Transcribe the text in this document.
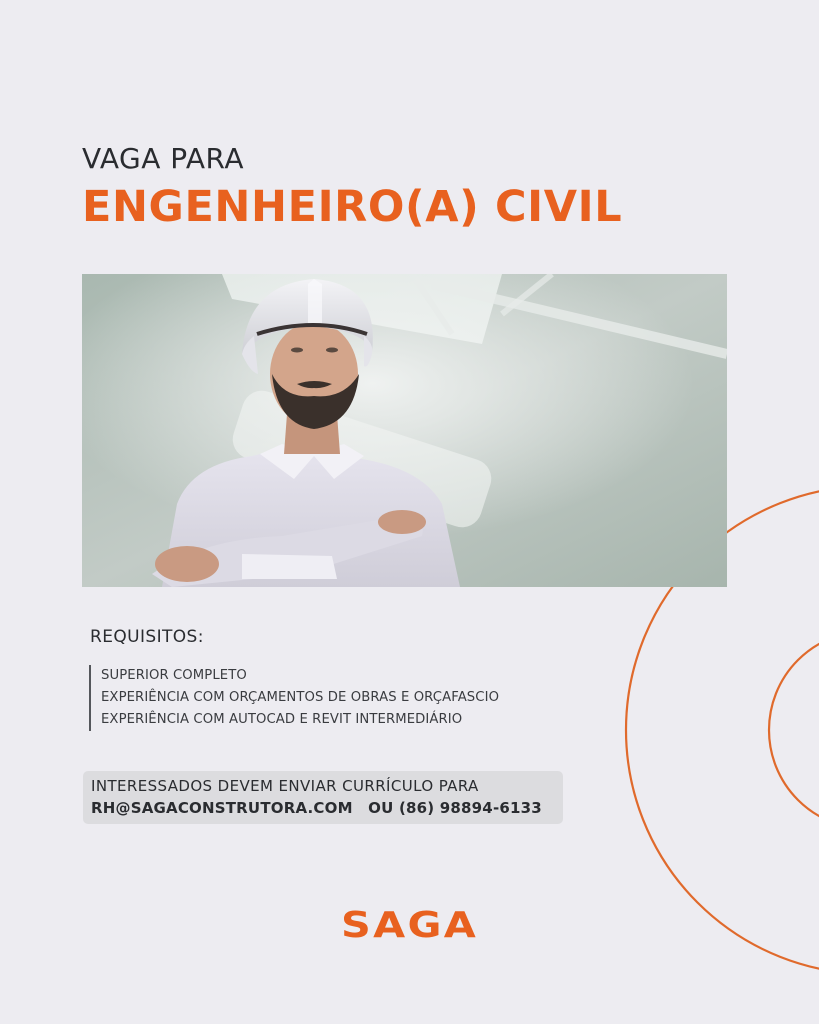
VAGA PARA
ENGENHEIRO(A) CIVIL
REQUISITOS:
SUPERIOR COMPLETO
EXPERIÊNCIA COM ORÇAMENTOS DE OBRAS E ORÇAFASCIO
EXPERIÊNCIA COM AUTOCAD E REVIT INTERMEDIÁRIO
INTERESSADOS DEVEM ENVIAR CURRÍCULO PARA
RH@SAGACONSTRUTORA.COM OU (86) 98894-6133
SAGA
